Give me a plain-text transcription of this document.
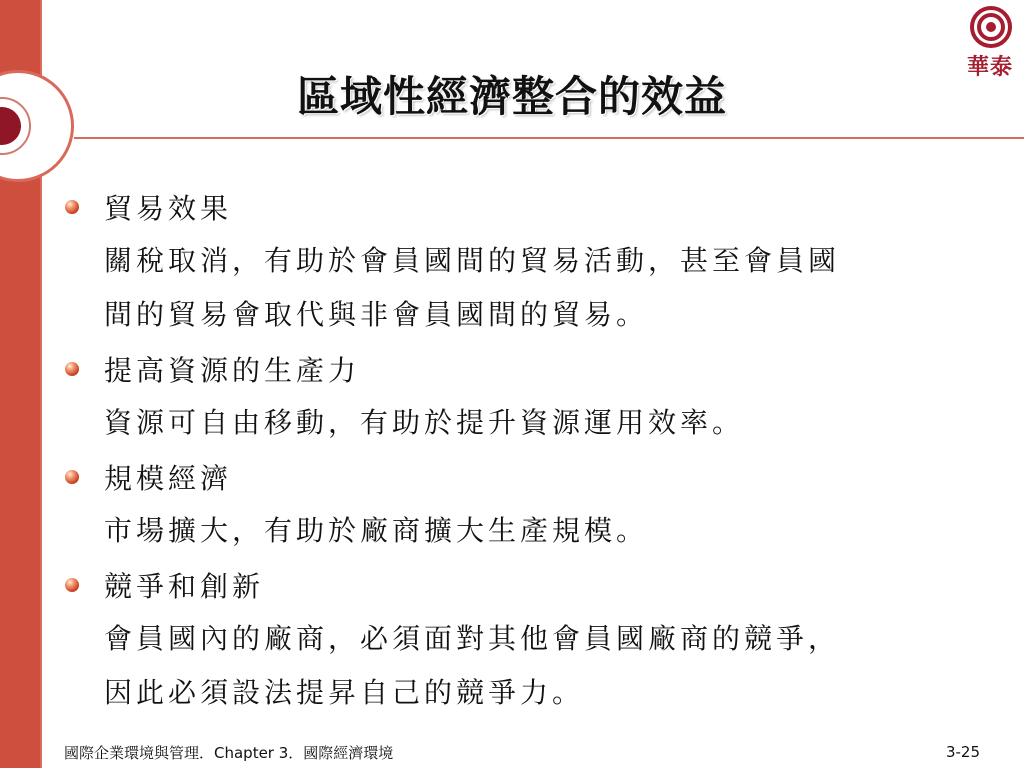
華泰
區域性經濟整合的效益
貿易效果
關稅取消，有助於會員國間的貿易活動，甚至會員國
間的貿易會取代與非會員國間的貿易。
提高資源的生產力
資源可自由移動，有助於提升資源運用效率。
規模經濟
市場擴大，有助於廠商擴大生產規模。
競爭和創新
會員國內的廠商，必須面對其他會員國廠商的競爭，
因此必須設法提昇自己的競爭力。
國際企業環境與管理．Chapter 3．國際經濟環境	3-25
